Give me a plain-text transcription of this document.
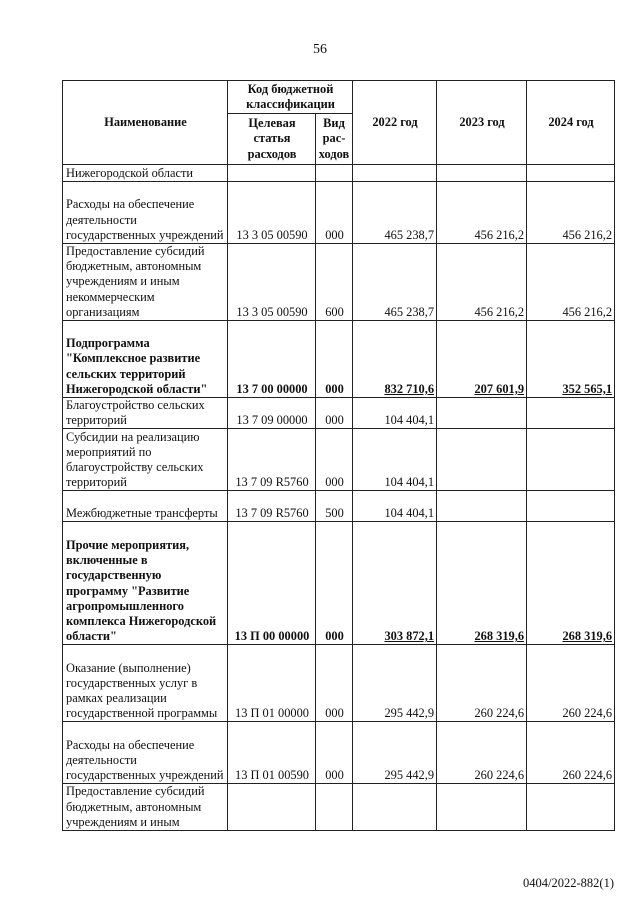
56
Наименование	Код бюджетной классификации		2022 год	2023 год	2024 год
	Целевая статья расходов	Вид рас-ходов			
Нижегородской области					
Расходы на обеспечение деятельности государственных учреждений	13 3 05 00590	000	465 238,7	456 216,2	456 216,2
Предоставление субсидий бюджетным, автономным учреждениям и иным некоммерческим организациям	13 3 05 00590	600	465 238,7	456 216,2	456 216,2
Подпрограмма "Комплексное развитие сельских территорий Нижегородской области"	13 7 00 00000	000	832 710,6	207 601,9	352 565,1
Благоустройство сельских территорий	13 7 09 00000	000	104 404,1		
Субсидии на реализацию мероприятий по благоустройству сельских территорий	13 7 09 R5760	000	104 404,1		
Межбюджетные трансферты	13 7 09 R5760	500	104 404,1		
Прочие мероприятия, включенные в государственную программу "Развитие агропромышленного комплекса Нижегородской области"	13 П 00 00000	000	303 872,1	268 319,6	268 319,6
Оказание (выполнение) государственных услуг в рамках реализации государственной программы	13 П 01 00000	000	295 442,9	260 224,6	260 224,6
Расходы на обеспечение деятельности государственных учреждений	13 П 01 00590	000	295 442,9	260 224,6	260 224,6
Предоставление субсидий бюджетным, автономным учреждениям и иным					
0404/2022-882(1)
